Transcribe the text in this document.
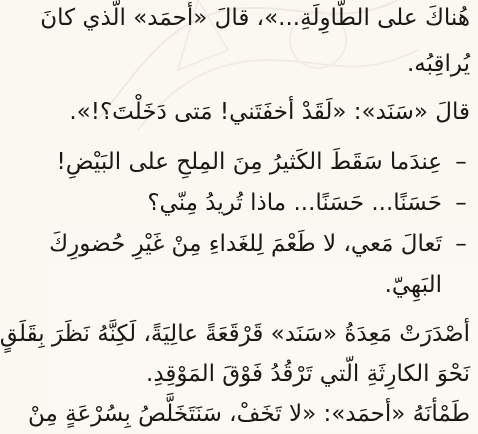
هُناكَ على الطّاوِلَةِ...»، قالَ «أحمَد» الّذي كانَ
يُراقِبُه.
قالَ «سَنَد»: «لَقَدْ أخفَتَني! مَتى دَخَلْتَ؟!».
–
عِندَما سَقَطَ الكَثيرُ مِنَ المِلحِ على البَيْضِ!
–
حَسَنًا... حَسَنًا... ماذا تُريدُ مِنّي؟
–
تَعالَ مَعي، لا طَعْمَ لِلغَداءِ مِنْ غَيْرِ حُضورِكَ
البَهِيّ.
أصْدَرَتْ مَعِدَةُ «سَنَد» قَرْقَعَةً عالِيَةً، لَكِنَّهُ نَظَرَ بِقَلَقٍ
نَحْوَ الكارِثَةِ الّتي تَرْقُدُ فَوْقَ المَوْقِدِ.
طَمْأنَهُ «أحمَد»: «لا تَخَفْ، سَنَتَخَلَّصُ بِسُرْعَةٍ مِنْ
